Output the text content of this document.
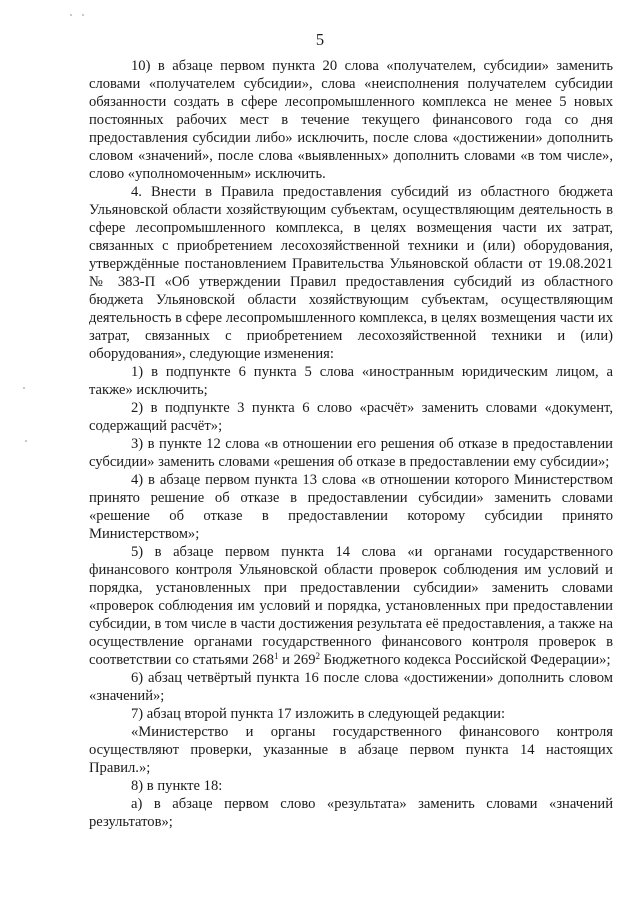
5

10) в абзаце первом пункта 20 слова «получателем, субсидии» заменить словами «получателем субсидии», слова «неисполнения получателем субсидии обязанности создать в сфере лесопромышленного комплекса не менее 5 новых постоянных рабочих мест в течение текущего финансового года со дня предоставления субсидии либо» исключить, после слова «достижении» дополнить словом «значений», после слова «выявленных» дополнить словами «в том числе», слово «уполномоченным» исключить.

4. Внести в Правила предоставления субсидий из областного бюджета Ульяновской области хозяйствующим субъектам, осуществляющим деятельность в сфере лесопромышленного комплекса, в целях возмещения части их затрат, связанных с приобретением лесохозяйственной техники и (или) оборудования, утверждённые постановлением Правительства Ульяновской области от 19.08.2021 № 383-П «Об утверждении Правил предоставления субсидий из областного бюджета Ульяновской области хозяйствующим субъектам, осуществляющим деятельность в сфере лесопромышленного комплекса, в целях возмещения части их затрат, связанных с приобретением лесохозяйственной техники и (или) оборудования», следующие изменения:

1) в подпункте 6 пункта 5 слова «иностранным юридическим лицом, а также» исключить;

2) в подпункте 3 пункта 6 слово «расчёт» заменить словами «документ, содержащий расчёт»;

3) в пункте 12 слова «в отношении его решения об отказе в предоставлении субсидии» заменить словами «решения об отказе в предоставлении ему субсидии»;

4) в абзаце первом пункта 13 слова «в отношении которого Министерством принято решение об отказе в предоставлении субсидии» заменить словами «решение об отказе в предоставлении которому субсидии принято Министерством»;

5) в абзаце первом пункта 14 слова «и органами государственного финансового контроля Ульяновской области проверок соблюдения им условий и порядка, установленных при предоставлении субсидии» заменить словами «проверок соблюдения им условий и порядка, установленных при предоставлении субсидии, в том числе в части достижения результата её предоставления, а также на осуществление органами государственного финансового контроля проверок в соответствии со статьями $268^1$ и $269^2$ Бюджетного кодекса Российской Федерации»;

6) абзац четвёртый пункта 16 после слова «достижении» дополнить словом «значений»;

7) абзац второй пункта 17 изложить в следующей редакции:

«Министерство и органы государственного финансового контроля осуществляют проверки, указанные в абзаце первом пункта 14 настоящих Правил.»;

8) в пункте 18:

а) в абзаце первом слово «результата» заменить словами «значений результатов»;
